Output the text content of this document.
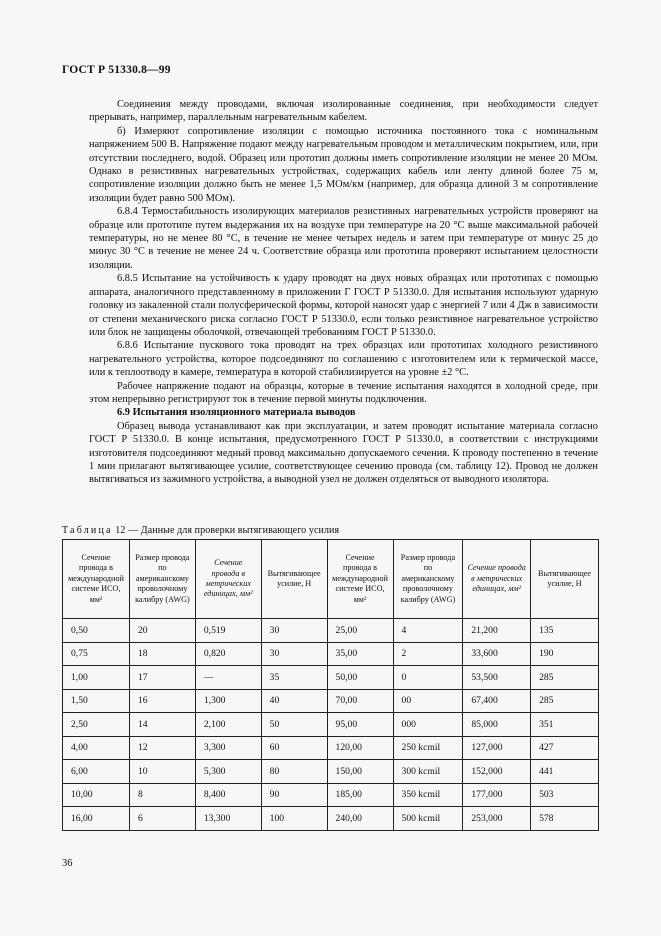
ГОСТ Р 51330.8—99

Соединения между проводами, включая изолированные соединения, при необходимости следует прерывать, например, параллельным нагревательным кабелем.

б) Измеряют сопротивление изоляции с помощью источника постоянного тока с номинальным напряжением 500 В. Напряжение подают между нагревательным проводом и металлическим покрытием, или, при отсутствии последнего, водой. Образец или прототип должны иметь сопротивление изоляции не менее 20 МОм. Однако в резистивных нагревательных устройствах, содержащих кабель или ленту длиной более 75 м, сопротивление изоляции должно быть не менее 1,5 МОм/км (например, для образца длиной 3 м сопротивление изоляции будет равно 500 МОм).

6.8.4 Термостабильность изолирующих материалов резистивных нагревательных устройств проверяют на образце или прототипе путем выдержания их на воздухе при температуре на 20 °С выше максимальной рабочей температуры, но не менее 80 °С, в течение не менее четырех недель и затем при температуре от минус 25 до минус 30 °С в течение не менее 24 ч. Соответствие образца или прототипа проверяют испытанием целостности изоляции.

6.8.5 Испытание на устойчивость к удару проводят на двух новых образцах или прототипах с помощью аппарата, аналогичного представленному в приложении Г ГОСТ Р 51330.0. Для испытания используют ударную головку из закаленной стали полусферической формы, которой наносят удар с энергией 7 или 4 Дж в зависимости от степени механического риска согласно ГОСТ Р 51330.0, если только резистивное нагревательное устройство или блок не защищены оболочкой, отвечающей требованиям ГОСТ Р 51330.0.

6.8.6 Испытание пускового тока проводят на трех образцах или прототипах холодного резистивного нагревательного устройства, которое подсоединяют по соглашению с изготовителем или к термической массе, или к теплоотводу в камере, температура в которой стабилизируется на уровне ±2 °С.

Рабочее напряжение подают на образцы, которые в течение испытания находятся в холодной среде, при этом непрерывно регистрируют ток в течение первой минуты подключения.

6.9 Испытания изоляционного материала выводов

Образец вывода устанавливают как при эксплуатации, и затем проводят испытание материала согласно ГОСТ Р 51330.0. В конце испытания, предусмотренного ГОСТ Р 51330.0, в соответствии с инструкциями изготовителя подсоединяют медный провод максимально допускаемого сечения. К проводу постепенно в течение 1 мин прилагают вытягивающее усилие, соответствующее сечению провода (см. таблицу 12). Провод не должен вытягиваться из зажимного устройства, а выводной узел не должен отделяться от выводного изолятора.

Таблица 12 — Данные для проверки вытягивающего усилия
Сечение провода в международной системе ИСО, мм²	Размер провода по американскому проволочному калибру (AWG)	Сечение провода в метрических единицах, мм²	Вытягивающее усилие, Н	Сечение провода в международной системе ИСО, мм²	Размер провода по американскому проволочному калибру (AWG)	Сечение провода в метрических единицах, мм²	Вытягивающее усилие, Н
0,50	20	0,519	30	25,00	4	21,200	135
0,75	18	0,820	30	35,00	2	33,600	190
1,00	17	—	35	50,00	0	53,500	285
1,50	16	1,300	40	70,00	00	67,400	285
2,50	14	2,100	50	95,00	000	85,000	351
4,00	12	3,300	60	120,00	250 kcmil	127,000	427
6,00	10	5,300	80	150,00	300 kcmil	152,000	441
10,00	8	8,400	90	185,00	350 kcmil	177,000	503
16,00	6	13,300	100	240,00	500 kcmil	253,000	578
36
